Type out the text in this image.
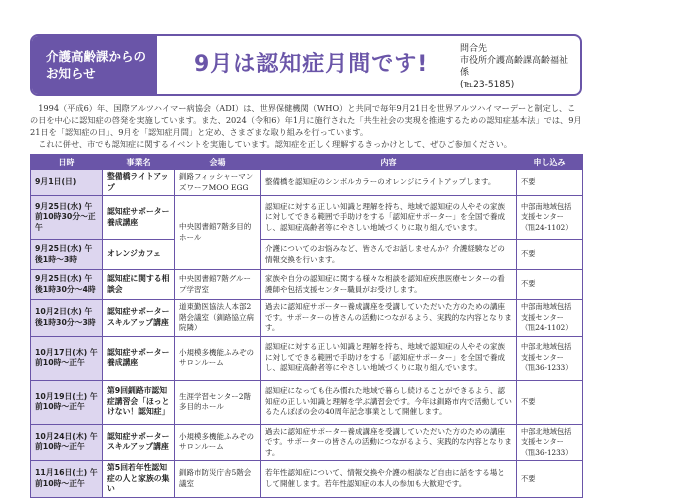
介護高齢課からの
お知らせ	9月は認知症月間です!
問合先
市役所介護高齢課高齢福祉係
(℡23-5185)

1994（平成6）年、国際アルツハイマー病協会（ADI）は、世界保健機関（WHO）と共同で毎年9月21日を世界アルツハイマーデーと制定し、この日を中心に認知症の啓発を実施しています。また、2024（令和6）年1月に施行された「共生社会の実現を推進するための認知症基本法」では、9月21日を「認知症の日」、9月を「認知症月間」と定め、さまざまな取り組みを行っています。

これに併せ、市でも認知症に関するイベントを実施しています。認知症を正しく理解するきっかけとして、ぜひご参加ください。

日時	事業名	会場	内容	申し込み
9月1日(日)	整備橋ライトアップ	釧路フィッシャーマンズワーフMOO EGG	整備橋を認知症のシンボルカラーのオレンジにライトアップします。	不要
9月25日(水) 午前10時30分～正午	認知症サポーター養成講座	中央図書館7階多目的ホール	認知症に対する正しい知識と理解を持ち、地域で認知症の人やその家族に対してできる範囲で手助けをする「認知症サポーター」を全国で養成し、認知症高齢者等にやさしい地域づくりに取り組んでいます。	中部南地域包括支援センター（℡24-1102）
9月25日(水) 午後1時～3時	オレンジカフェ		介護についてのお悩みなど、皆さんでお話しませんか？介護経験などの情報交換を行います。	不要
9月25日(水) 午後1時30分～4時	認知症に関する相談会	中央図書館7階グループ学習室	家族や自分の認知症に関する様々な相談を認知症疾患医療センターの看護師や包括支援センター職員がお受けします。	不要
10月2日(水) 午後1時30分～3時	認知症サポータースキルアップ講座	道東勤医協法人本部2階会議室（釧路協立病院隣）	過去に認知症サポーター養成講座を受講していただいた方のための講座です。サポーターの皆さんの活動につながるよう、実践的な内容となります。	中部南地域包括支援センター（℡24-1102）
10月17日(木) 午前10時～正午	認知症サポーター養成講座	小規模多機能ふみぞのサロンルーム	認知症に対する正しい知識と理解を持ち、地域で認知症の人やその家族に対してできる範囲で手助けをする「認知症サポーター」を全国で養成し、認知症高齢者等にやさしい地域づくりに取り組んでいます。	中部北地域包括支援センター（℡36-1233）
10月19日(土) 午前10時～正午	第9回釧路市認知症講習会「ほっとけない！認知症」	生涯学習センター2階多目的ホール	認知症になっても住み慣れた地域で暮らし続けることができるよう、認知症の正しい知識と理解を学ぶ講習会です。今年は釧路市内で活動しているたんぽぽの会の40周年記念事業として開催します。	不要
10月24日(木) 午前10時～正午	認知症サポータースキルアップ講座	小規模多機能ふみぞのサロンルーム	過去に認知症サポーター養成講座を受講していただいた方のための講座です。サポーターの皆さんの活動につながるよう、実践的な内容となります。	中部北地域包括支援センター（℡36-1233）
11月16日(土) 午前10時～正午	第5回若年性認知症の人と家族の集い	釧路市防災庁舎5階会議室	若年性認知症について、情報交換や介護の相談など自由に話をする場として開催します。若年性認知症の本人の参加も大歓迎です。	不要
